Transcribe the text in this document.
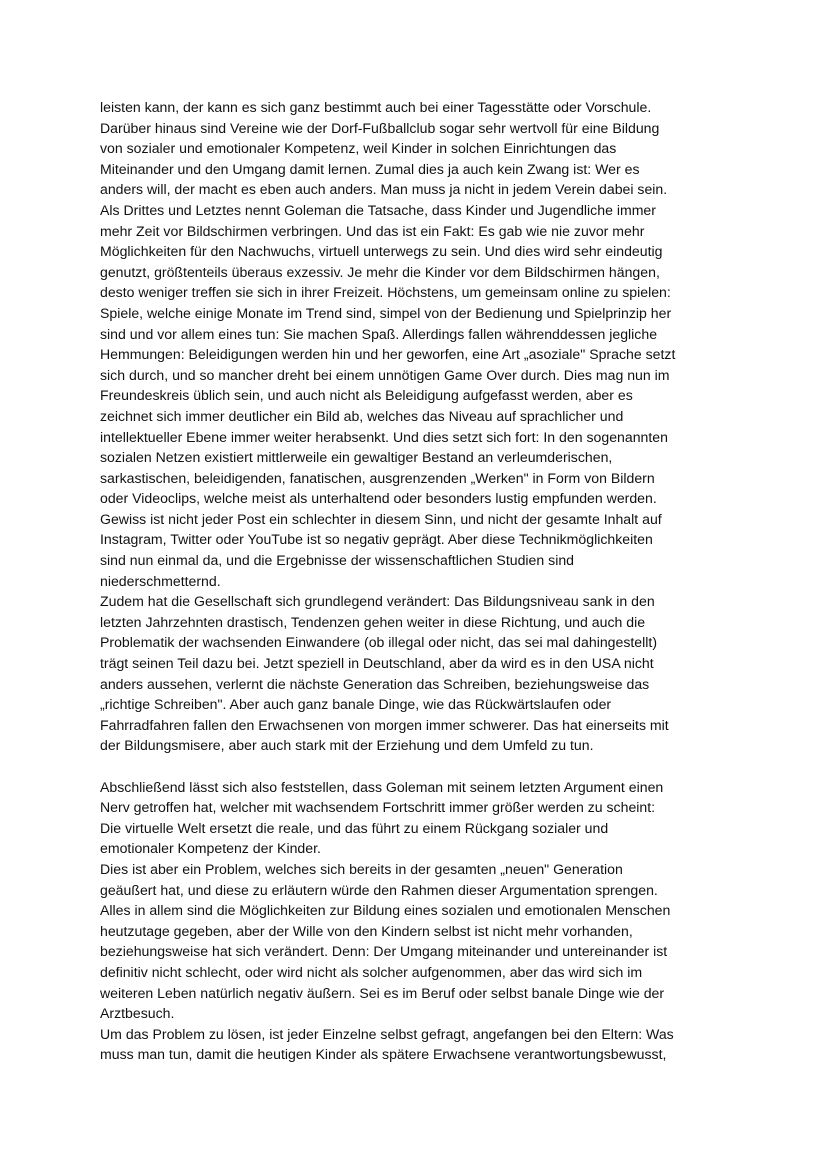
leisten kann, der kann es sich ganz bestimmt auch bei einer Tagesstätte oder Vorschule.
Darüber hinaus sind Vereine wie der Dorf-Fußballclub sogar sehr wertvoll für eine Bildung
von sozialer und emotionaler Kompetenz, weil Kinder in solchen Einrichtungen das
Miteinander und den Umgang damit lernen. Zumal dies ja auch kein Zwang ist: Wer es
anders will, der macht es eben auch anders. Man muss ja nicht in jedem Verein dabei sein.
Als Drittes und Letztes nennt Goleman die Tatsache, dass Kinder und Jugendliche immer
mehr Zeit vor Bildschirmen verbringen. Und das ist ein Fakt: Es gab wie nie zuvor mehr
Möglichkeiten für den Nachwuchs, virtuell unterwegs zu sein. Und dies wird sehr eindeutig
genutzt, größtenteils überaus exzessiv. Je mehr die Kinder vor dem Bildschirmen hängen,
desto weniger treffen sie sich in ihrer Freizeit. Höchstens, um gemeinsam online zu spielen:
Spiele, welche einige Monate im Trend sind, simpel von der Bedienung und Spielprinzip her
sind und vor allem eines tun: Sie machen Spaß. Allerdings fallen währenddessen jegliche
Hemmungen: Beleidigungen werden hin und her geworfen, eine Art „asoziale" Sprache setzt
sich durch, und so mancher dreht bei einem unnötigen Game Over durch. Dies mag nun im
Freundeskreis üblich sein, und auch nicht als Beleidigung aufgefasst werden, aber es
zeichnet sich immer deutlicher ein Bild ab, welches das Niveau auf sprachlicher und
intellektueller Ebene immer weiter herabsenkt. Und dies setzt sich fort: In den sogenannten
sozialen Netzen existiert mittlerweile ein gewaltiger Bestand an verleumderischen,
sarkastischen, beleidigenden, fanatischen, ausgrenzenden „Werken" in Form von Bildern
oder Videoclips, welche meist als unterhaltend oder besonders lustig empfunden werden.
Gewiss ist nicht jeder Post ein schlechter in diesem Sinn, und nicht der gesamte Inhalt auf
Instagram, Twitter oder YouTube ist so negativ geprägt. Aber diese Technikmöglichkeiten
sind nun einmal da, und die Ergebnisse der wissenschaftlichen Studien sind
niederschmetternd.
Zudem hat die Gesellschaft sich grundlegend verändert: Das Bildungsniveau sank in den
letzten Jahrzehnten drastisch, Tendenzen gehen weiter in diese Richtung, und auch die
Problematik der wachsenden Einwandere (ob illegal oder nicht, das sei mal dahingestellt)
trägt seinen Teil dazu bei. Jetzt speziell in Deutschland, aber da wird es in den USA nicht
anders aussehen, verlernt die nächste Generation das Schreiben, beziehungsweise das
„richtige Schreiben". Aber auch ganz banale Dinge, wie das Rückwärtslaufen oder
Fahrradfahren fallen den Erwachsenen von morgen immer schwerer. Das hat einerseits mit
der Bildungsmisere, aber auch stark mit der Erziehung und dem Umfeld zu tun.
Abschließend lässt sich also feststellen, dass Goleman mit seinem letzten Argument einen
Nerv getroffen hat, welcher mit wachsendem Fortschritt immer größer werden zu scheint:
Die virtuelle Welt ersetzt die reale, und das führt zu einem Rückgang sozialer und
emotionaler Kompetenz der Kinder.
Dies ist aber ein Problem, welches sich bereits in der gesamten „neuen" Generation
geäußert hat, und diese zu erläutern würde den Rahmen dieser Argumentation sprengen.
Alles in allem sind die Möglichkeiten zur Bildung eines sozialen und emotionalen Menschen
heutzutage gegeben, aber der Wille von den Kindern selbst ist nicht mehr vorhanden,
beziehungsweise hat sich verändert. Denn: Der Umgang miteinander und untereinander ist
definitiv nicht schlecht, oder wird nicht als solcher aufgenommen, aber das wird sich im
weiteren Leben natürlich negativ äußern. Sei es im Beruf oder selbst banale Dinge wie der
Arztbesuch.
Um das Problem zu lösen, ist jeder Einzelne selbst gefragt, angefangen bei den Eltern: Was
muss man tun, damit die heutigen Kinder als spätere Erwachsene verantwortungsbewusst,
